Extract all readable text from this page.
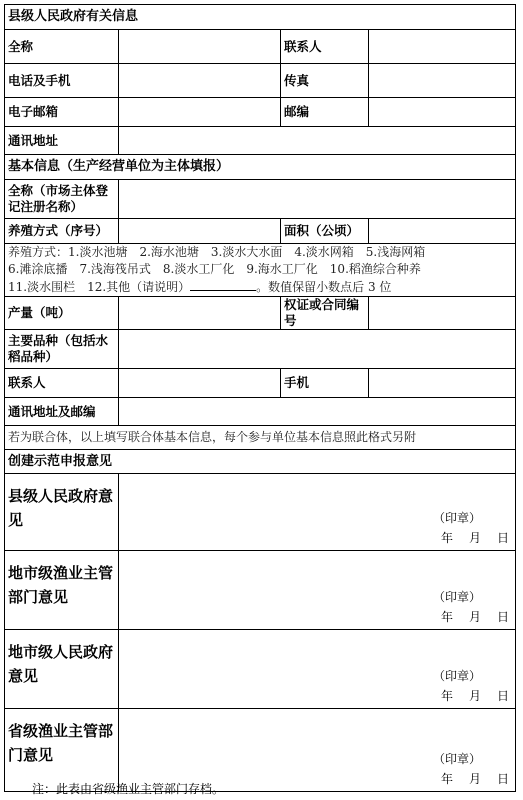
县级人民政府有关信息			
全称		联系人	
电话及手机		传真	
电子邮箱		邮编	
通讯地址			
基本信息（生产经营单位为主体填报）			
全称（市场主体登记注册名称）			
养殖方式（序号）		面积（公顷）	

养殖方式：1.淡水池塘　2.海水池塘　3.淡水大水面　4.淡水网箱　5.浅海网箱
6.滩涂底播　7.浅海筏吊式　8.淡水工厂化　9.海水工厂化　10.稻渔综合种养
11.淡水围栏　12.其他（请说明） 。数值保留小数点后 3 位			

产量（吨）		权证或合同编号	
主要品种（包括水稻品种）			
联系人		手机	
通讯地址及邮编			
若为联合体，以上填写联合体基本信息，每个参与单位基本信息照此格式另附			
创建示范申报意见			
县级人民政府意见	（印章）
年 月 日		

地市级渔业主管部门意见	（印章）
年 月 日		

地市级人民政府意见	（印章）
年 月 日		

省级渔业主管部门意见	（印章）
年 月 日		
注：此表由省级渔业主管部门存档。
